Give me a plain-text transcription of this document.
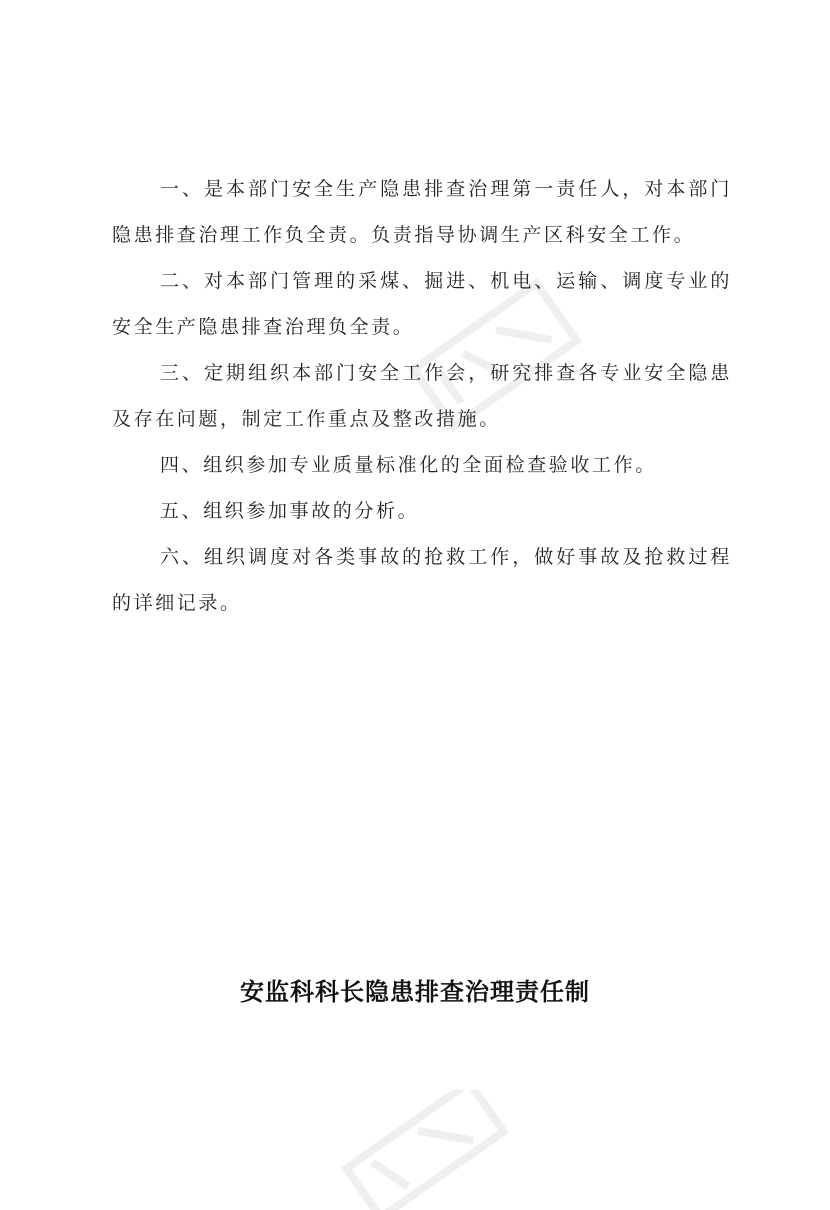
一、是本部门安全生产隐患排查治理第一责任人，对本部门隐患排查治理工作负全责。负责指导协调生产区科安全工作。

二、对本部门管理的采煤、掘进、机电、运输、调度专业的安全生产隐患排查治理负全责。

三、定期组织本部门安全工作会，研究排查各专业安全隐患及存在问题，制定工作重点及整改措施。

四、组织参加专业质量标准化的全面检查验收工作。

五、组织参加事故的分析。

六、组织调度对各类事故的抢救工作，做好事故及抢救过程的详细记录。

安监科科长隐患排查治理责任制
